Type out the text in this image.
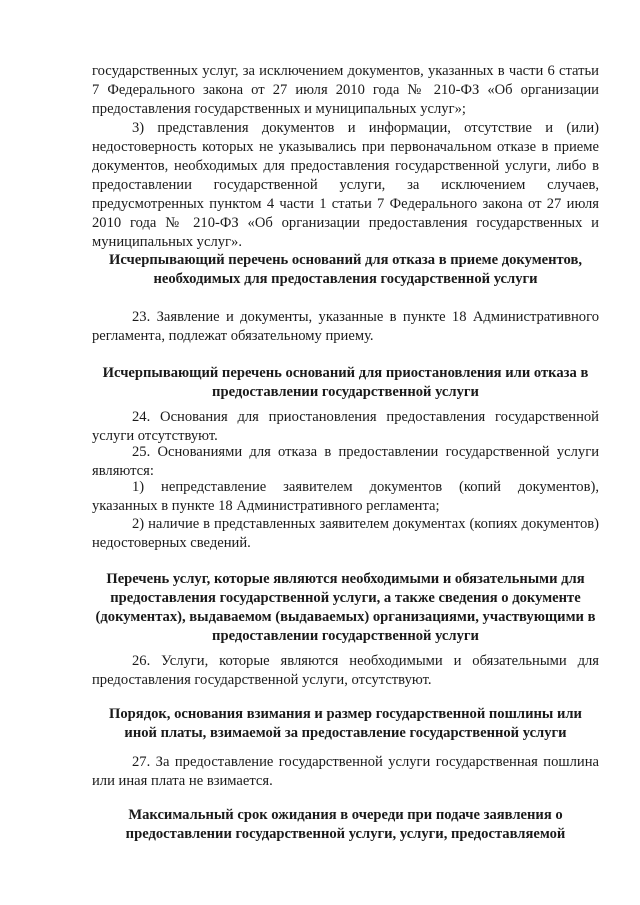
государственных услуг, за исключением документов, указанных в части 6 статьи 7 Федерального закона от 27 июля 2010 года № 210-ФЗ «Об организации предоставления государственных и муниципальных услуг»;

3) представления документов и информации, отсутствие и (или) недостоверность которых не указывались при первоначальном отказе в приеме документов, необходимых для предоставления государственной услуги, либо в предоставлении государственной услуги, за исключением случаев, предусмотренных пунктом 4 части 1 статьи 7 Федерального закона от 27 июля 2010 года № 210-ФЗ «Об организации предоставления государственных и муниципальных услуг».

Исчерпывающий перечень оснований для отказа в приеме документов, необходимых для предоставления государственной услуги

23. Заявление и документы, указанные в пункте 18 Административного регламента, подлежат обязательному приему.

Исчерпывающий перечень оснований для приостановления или отказа в предоставлении государственной услуги

24. Основания для приостановления предоставления государственной услуги отсутствуют.

25. Основаниями для отказа в предоставлении государственной услуги являются:

1) непредставление заявителем документов (копий документов), указанных в пункте 18 Административного регламента;

2) наличие в представленных заявителем документах (копиях документов) недостоверных сведений.

Перечень услуг, которые являются необходимыми и обязательными для предоставления государственной услуги, а также сведения о документе (документах), выдаваемом (выдаваемых) организациями, участвующими в предоставлении государственной услуги

26. Услуги, которые являются необходимыми и обязательными для предоставления государственной услуги, отсутствуют.

Порядок, основания взимания и размер государственной пошлины или иной платы, взимаемой за предоставление государственной услуги

27. За предоставление государственной услуги государственная пошлина или иная плата не взимается.

Максимальный срок ожидания в очереди при подаче заявления о предоставлении государственной услуги, услуги, предоставляемой
